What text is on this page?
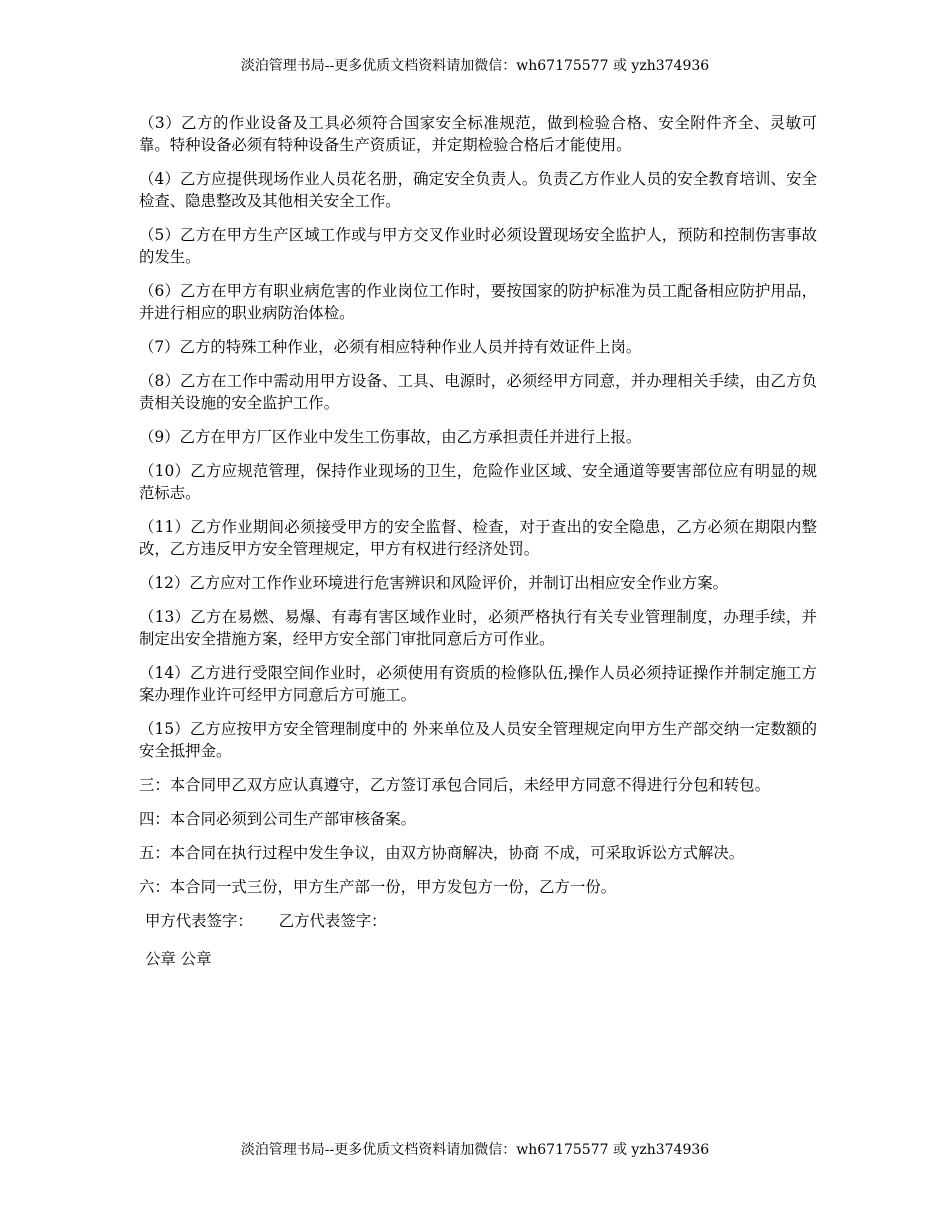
淡泊管理书局--更多优质文档资料请加微信：wh67175577 或 yzh374936

（3）乙方的作业设备及工具必须符合国家安全标准规范，做到检验合格、安全附件齐全、灵敏可靠。特种设备必须有特种设备生产资质证，并定期检验合格后才能使用。

（4）乙方应提供现场作业人员花名册，确定安全负责人。负责乙方作业人员的安全教育培训、安全检查、隐患整改及其他相关安全工作。

（5）乙方在甲方生产区域工作或与甲方交叉作业时必须设置现场安全监护人，预防和控制伤害事故的发生。

（6）乙方在甲方有职业病危害的作业岗位工作时，要按国家的防护标准为员工配备相应防护用品，并进行相应的职业病防治体检。

（7）乙方的特殊工种作业，必须有相应特种作业人员并持有效证件上岗。

（8）乙方在工作中需动用甲方设备、工具、电源时，必须经甲方同意，并办理相关手续，由乙方负责相关设施的安全监护工作。

（9）乙方在甲方厂区作业中发生工伤事故，由乙方承担责任并进行上报。

（10）乙方应规范管理，保持作业现场的卫生，危险作业区域、安全通道等要害部位应有明显的规范标志。

（11）乙方作业期间必须接受甲方的安全监督、检查，对于查出的安全隐患，乙方必须在期限内整改，乙方违反甲方安全管理规定，甲方有权进行经济处罚。

（12）乙方应对工作作业环境进行危害辨识和风险评价，并制订出相应安全作业方案。

（13）乙方在易燃、易爆、有毒有害区域作业时，必须严格执行有关专业管理制度，办理手续，并制定出安全措施方案，经甲方安全部门审批同意后方可作业。

（14）乙方进行受限空间作业时，必须使用有资质的检修队伍,操作人员必须持证操作并制定施工方案办理作业许可经甲方同意后方可施工。

（15）乙方应按甲方安全管理制度中的 外来单位及人员安全管理规定向甲方生产部交纳一定数额的安全抵押金。

三：本合同甲乙双方应认真遵守，乙方签订承包合同后，未经甲方同意不得进行分包和转包。

四：本合同必须到公司生产部审核备案。

五：本合同在执行过程中发生争议，由双方协商解决，协商 不成，可采取诉讼方式解决。

六：本合同一式三份，甲方生产部一份，甲方发包方一份，乙方一份。

甲方代表签字： 乙方代表签字：

公章 公章

淡泊管理书局--更多优质文档资料请加微信：wh67175577 或 yzh374936
